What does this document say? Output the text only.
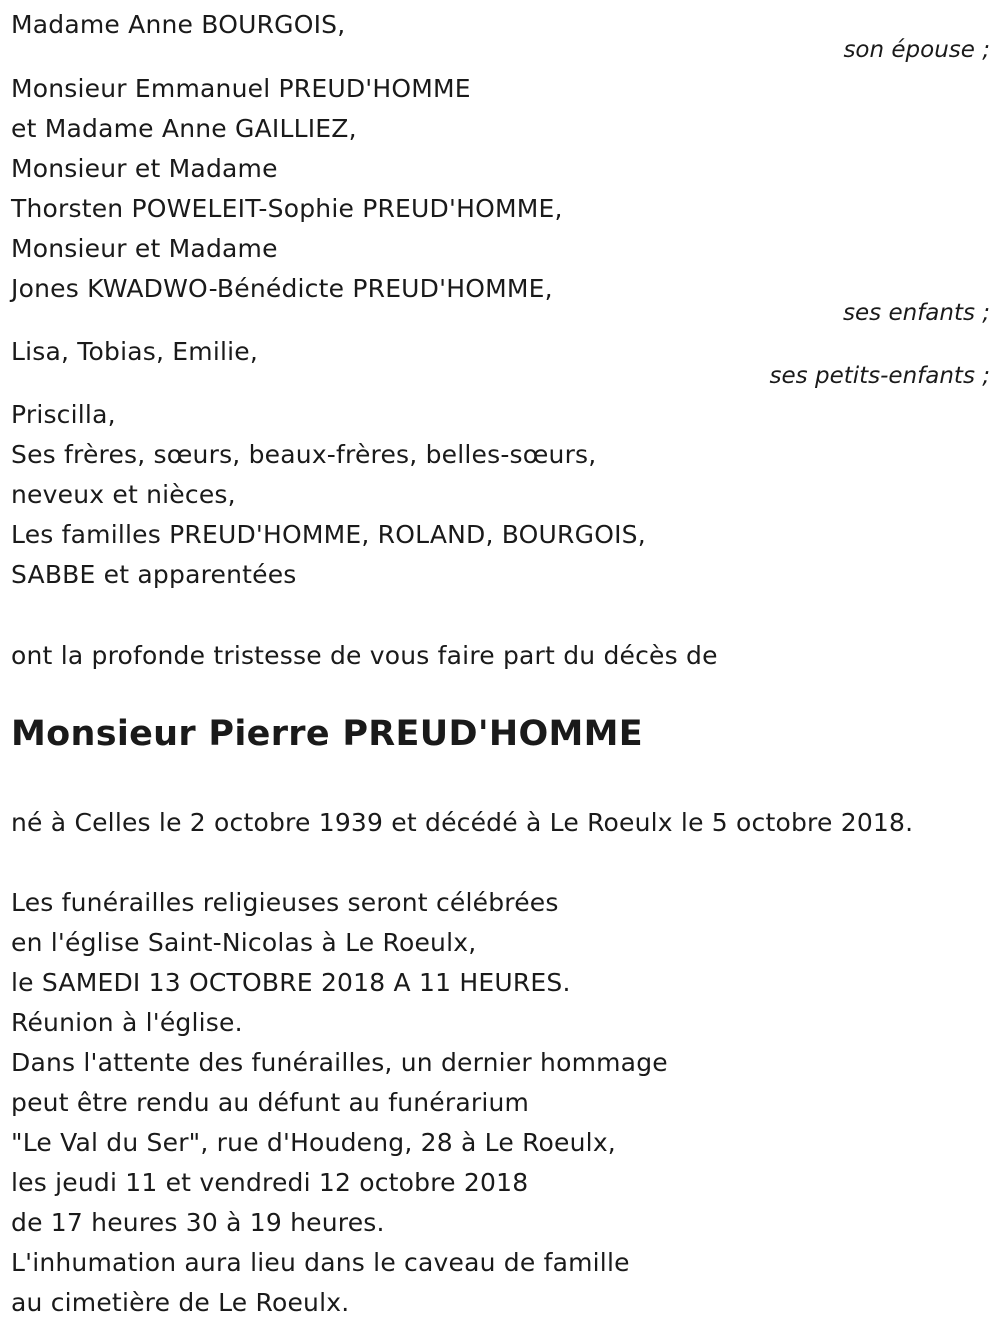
Madame Anne BOURGOIS,
son épouse ;
Monsieur Emmanuel PREUD'HOMME
et Madame Anne GAILLIEZ,
Monsieur et Madame
Thorsten POWELEIT-Sophie PREUD'HOMME,
Monsieur et Madame
Jones KWADWO-Bénédicte PREUD'HOMME,
ses enfants ;
Lisa, Tobias, Emilie,
ses petits-enfants ;
Priscilla,
Ses frères, sœurs, beaux-frères, belles-sœurs,
neveux et nièces,
Les familles PREUD'HOMME, ROLAND, BOURGOIS,
SABBE et apparentées
ont la profonde tristesse de vous faire part du décès de
Monsieur Pierre PREUD'HOMME
né à Celles le 2 octobre 1939 et décédé à Le Roeulx le 5 octobre 2018.
Les funérailles religieuses seront célébrées
en l'église Saint-Nicolas à Le Roeulx,
le SAMEDI 13 OCTOBRE 2018 A 11 HEURES.
Réunion à l'église.
Dans l'attente des funérailles, un dernier hommage
peut être rendu au défunt au funérarium
"Le Val du Ser", rue d'Houdeng, 28 à Le Roeulx,
les jeudi 11 et vendredi 12 octobre 2018
de 17 heures 30 à 19 heures.
L'inhumation aura lieu dans le caveau de famille
au cimetière de Le Roeulx.
